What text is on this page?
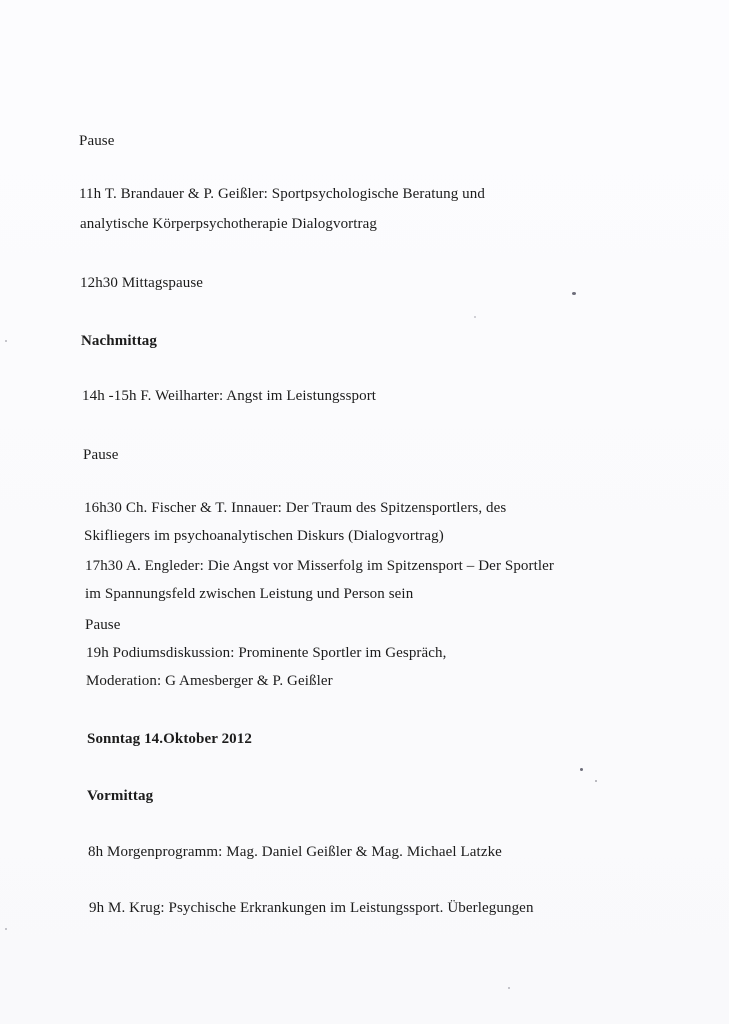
Pause
11h T. Brandauer & P. Geißler: Sportpsychologische Beratung und
analytische Körperpsychotherapie Dialogvortrag
12h30 Mittagspause
Nachmittag
14h -15h F. Weilharter: Angst im Leistungssport
Pause
16h30 Ch. Fischer & T. Innauer: Der Traum des Spitzensportlers, des
Skifliegers im psychoanalytischen Diskurs (Dialogvortrag)
17h30 A. Engleder: Die Angst vor Misserfolg im Spitzensport – Der Sportler
im Spannungsfeld zwischen Leistung und Person sein
Pause
19h Podiumsdiskussion: Prominente Sportler im Gespräch,
Moderation: G Amesberger & P. Geißler
Sonntag 14.Oktober 2012
Vormittag
8h Morgenprogramm: Mag. Daniel Geißler & Mag. Michael Latzke
9h M. Krug: Psychische Erkrankungen im Leistungssport. Überlegungen
